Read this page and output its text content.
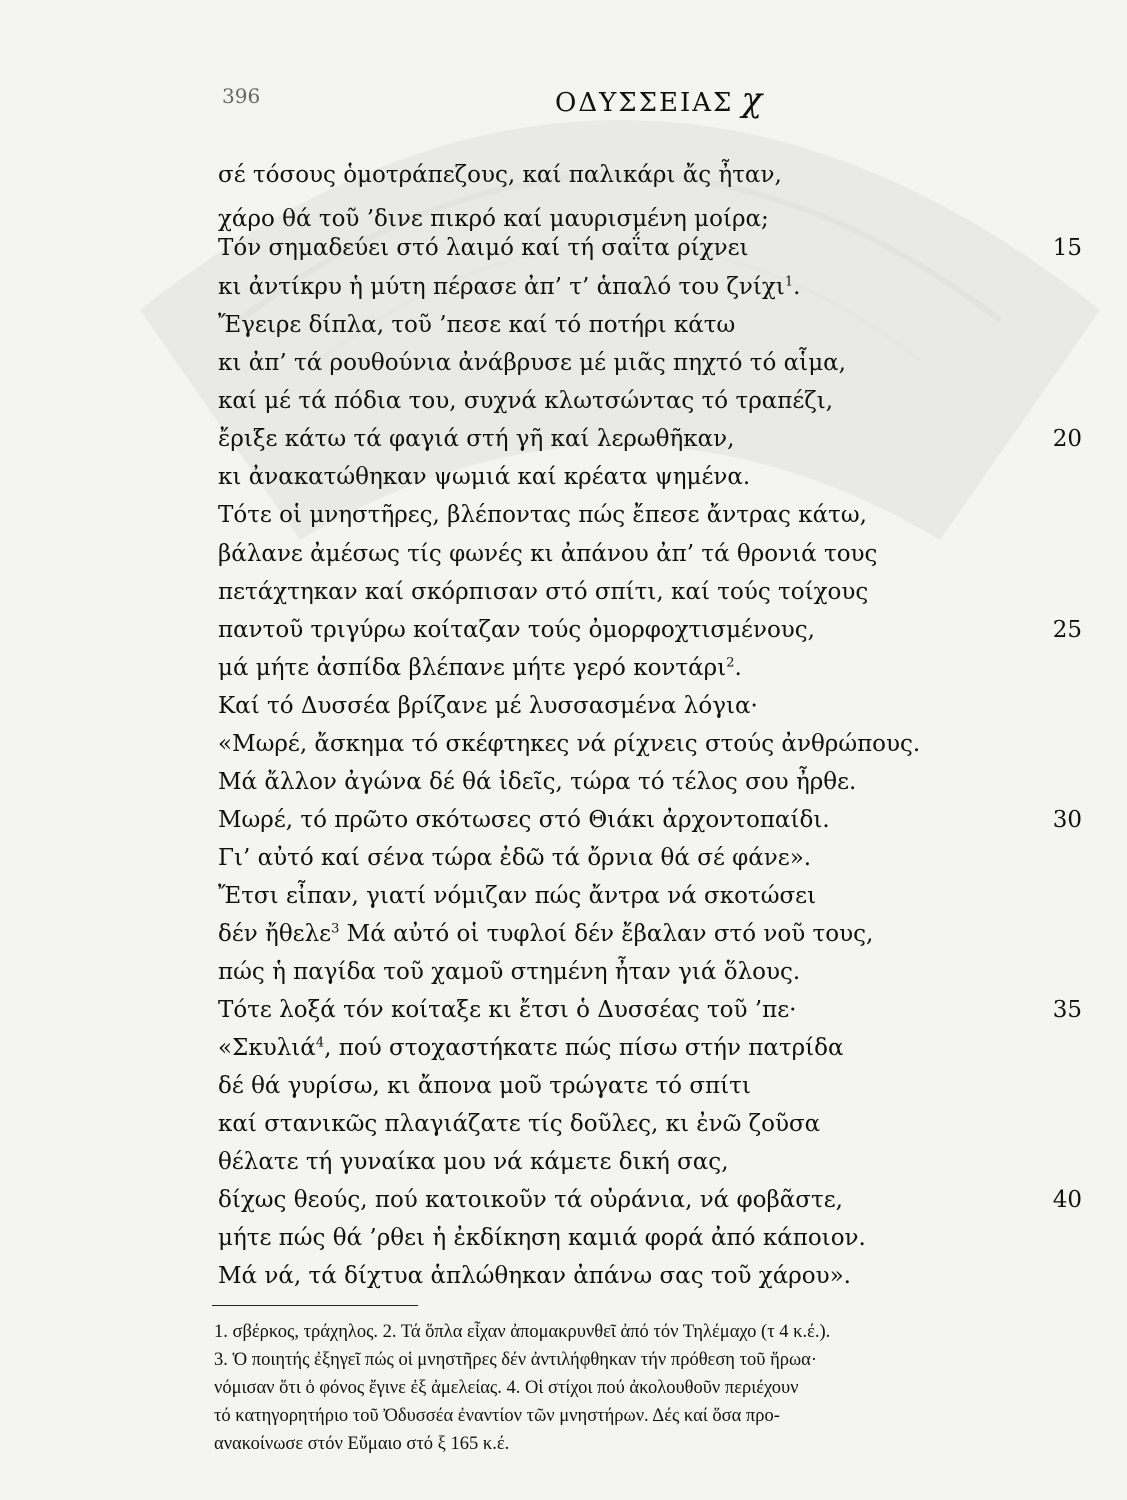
396	ΟΔΥΣΣΕΙΑΣ χ
σέ τόσους ὁμοτράπεζους, καί παλικάρι ἄς ἦταν,
χάρο θά τοῦ ’δινε πικρό καί μαυρισμένη μοίρα;
Τόν σημαδεύει στό λαιμό καί τή σαΐτα ρίχνει
κι ἀντίκρυ ἡ μύτη πέρασε ἀπ’ τ’ ἁπαλό του ζνίχι$^1$.
Ἔγειρε δίπλα, τοῦ ’πεσε καί τό ποτήρι κάτω
κι ἀπ’ τά ρουθούνια ἀνάβρυσε μέ μιᾶς πηχτό τό αἷμα,
καί μέ τά πόδια του, συχνά κλωτσώντας τό τραπέζι,
ἔριξε κάτω τά φαγιά στή γῆ καί λερωθῆκαν,
κι ἀνακατώθηκαν ψωμιά καί κρέατα ψημένα.
Τότε οἱ μνηστῆρες, βλέποντας πώς ἔπεσε ἄντρας κάτω,
βάλανε ἀμέσως τίς φωνές κι ἀπάνου ἀπ’ τά θρονιά τους
πετάχτηκαν καί σκόρπισαν στό σπίτι, καί τούς τοίχους
παντοῦ τριγύρω κοίταζαν τούς ὀμορφοχτισμένους,
μά μήτε ἀσπίδα βλέπανε μήτε γερό κοντάρι$^2$.
Καί τό Δυσσέα βρίζανε μέ λυσσασμένα λόγια·
«Μωρέ, ἄσκημα τό σκέφτηκες νά ρίχνεις στούς ἀνθρώπους.
Μά ἄλλον ἀγώνα δέ θά ἰδεῖς, τώρα τό τέλος σου ἦρθε.
Μωρέ, τό πρῶτο σκότωσες στό Θιάκι ἀρχοντοπαίδι.
Γι’ αὐτό καί σένα τώρα ἐδῶ τά ὄρνια θά σέ φάνε».
Ἔτσι εἶπαν, γιατί νόμιζαν πώς ἄντρα νά σκοτώσει
δέν ἤθελε$^3$ Μά αὐτό οἱ τυφλοί δέν ἔβαλαν στό νοῦ τους,
πώς ἡ παγίδα τοῦ χαμοῦ στημένη ἦταν γιά ὅλους.
Τότε λοξά τόν κοίταξε κι ἔτσι ὁ Δυσσέας τοῦ ’πε·
«Σκυλιά$^4$, πού στοχαστήκατε πώς πίσω στήν πατρίδα
δέ θά γυρίσω, κι ἄπονα μοῦ τρώγατε τό σπίτι
καί στανικῶς πλαγιάζατε τίς δοῦλες, κι ἐνῶ ζοῦσα
θέλατε τή γυναίκα μου νά κάμετε δική σας,
δίχως θεούς, πού κατοικοῦν τά οὐράνια, νά φοβᾶστε,
μήτε πώς θά ’ρθει ἡ ἐκδίκηση καμιά φορά ἀπό κάποιον.
Μά νά, τά δίχτυα ἁπλώθηκαν ἀπάνω σας τοῦ χάρου».
15
20
25
30
35
40
1. σβέρκος, τράχηλος. 2. Τά ὅπλα εἶχαν ἀπομακρυνθεῖ ἀπό τόν Τηλέμαχο (τ 4 κ.έ.).
3. Ὁ ποιητής ἐξηγεῖ πώς οἱ μνηστῆρες δέν ἀντιλήφθηκαν τήν πρόθεση τοῦ ἥρωα·
νόμισαν ὅτι ὁ φόνος ἔγινε ἐξ ἀμελείας. 4. Οἱ στίχοι πού ἀκολουθοῦν περιέχουν
τό κατηγορητήριο τοῦ Ὀδυσσέα ἐναντίον τῶν μνηστήρων. Δές καί ὅσα προ-
ανακοίνωσε στόν Εὔμαιο στό ξ 165 κ.έ.
